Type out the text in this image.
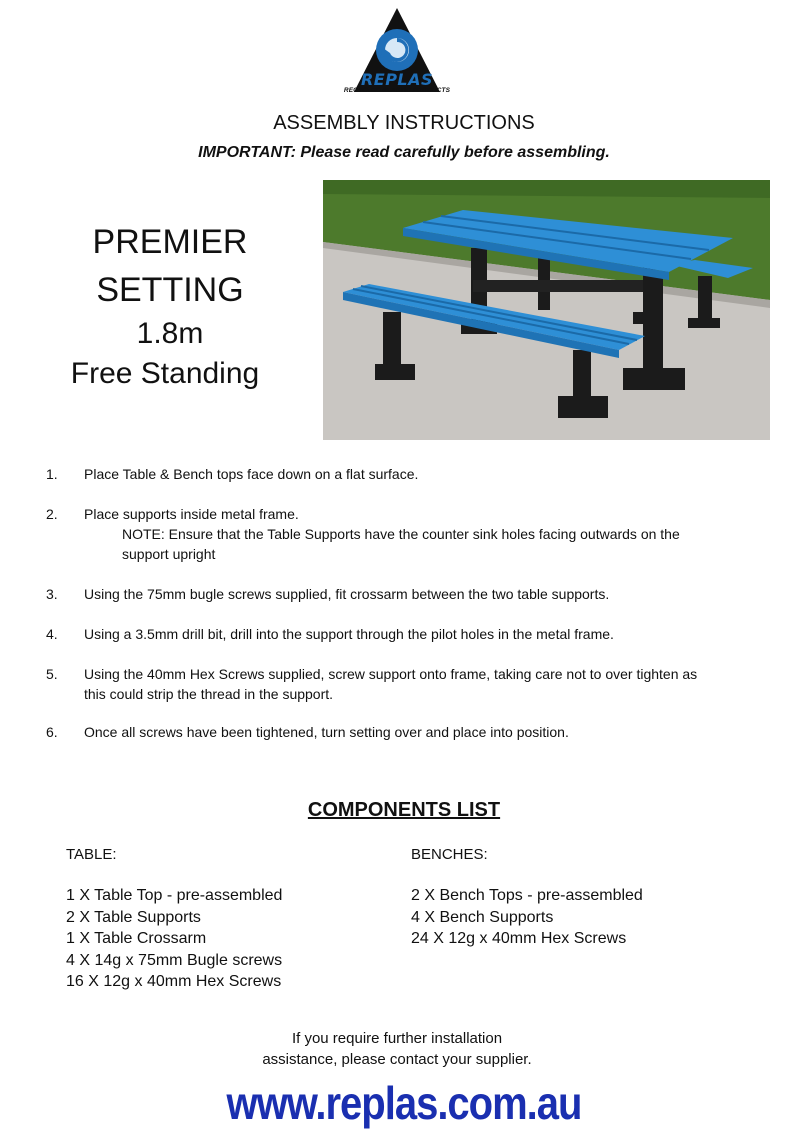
REPLAS
RECYCLED PLASTIC PRODUCTS
ASSEMBLY INSTRUCTIONS
IMPORTANT: Please read carefully before assembling.
PREMIER
SETTING
1.8m
Free Standing
1. Place Table & Bench tops face down on a flat surface.
2. Place supports inside metal frame.
NOTE: Ensure that the Table Supports have the counter sink holes facing outwards on the
support upright
3. Using the 75mm bugle screws supplied, fit crossarm between the two table supports.
4. Using a 3.5mm drill bit, drill into the support through the pilot holes in the metal frame.
5. Using the 40mm Hex Screws supplied, screw support onto frame, taking care not to over tighten as
this could strip the thread in the support.
6. Once all screws have been tightened, turn setting over and place into position.
COMPONENTS LIST
TABLE:
1 X Table Top - pre-assembled
2 X Table Supports
1 X Table Crossarm
4 X 14g x 75mm Bugle screws
16 X 12g x 40mm Hex Screws
BENCHES:
2 X Bench Tops - pre-assembled
4 X Bench Supports
24 X 12g x 40mm Hex Screws
If you require further installation
assistance, please contact your supplier.
www.replas.com.au
